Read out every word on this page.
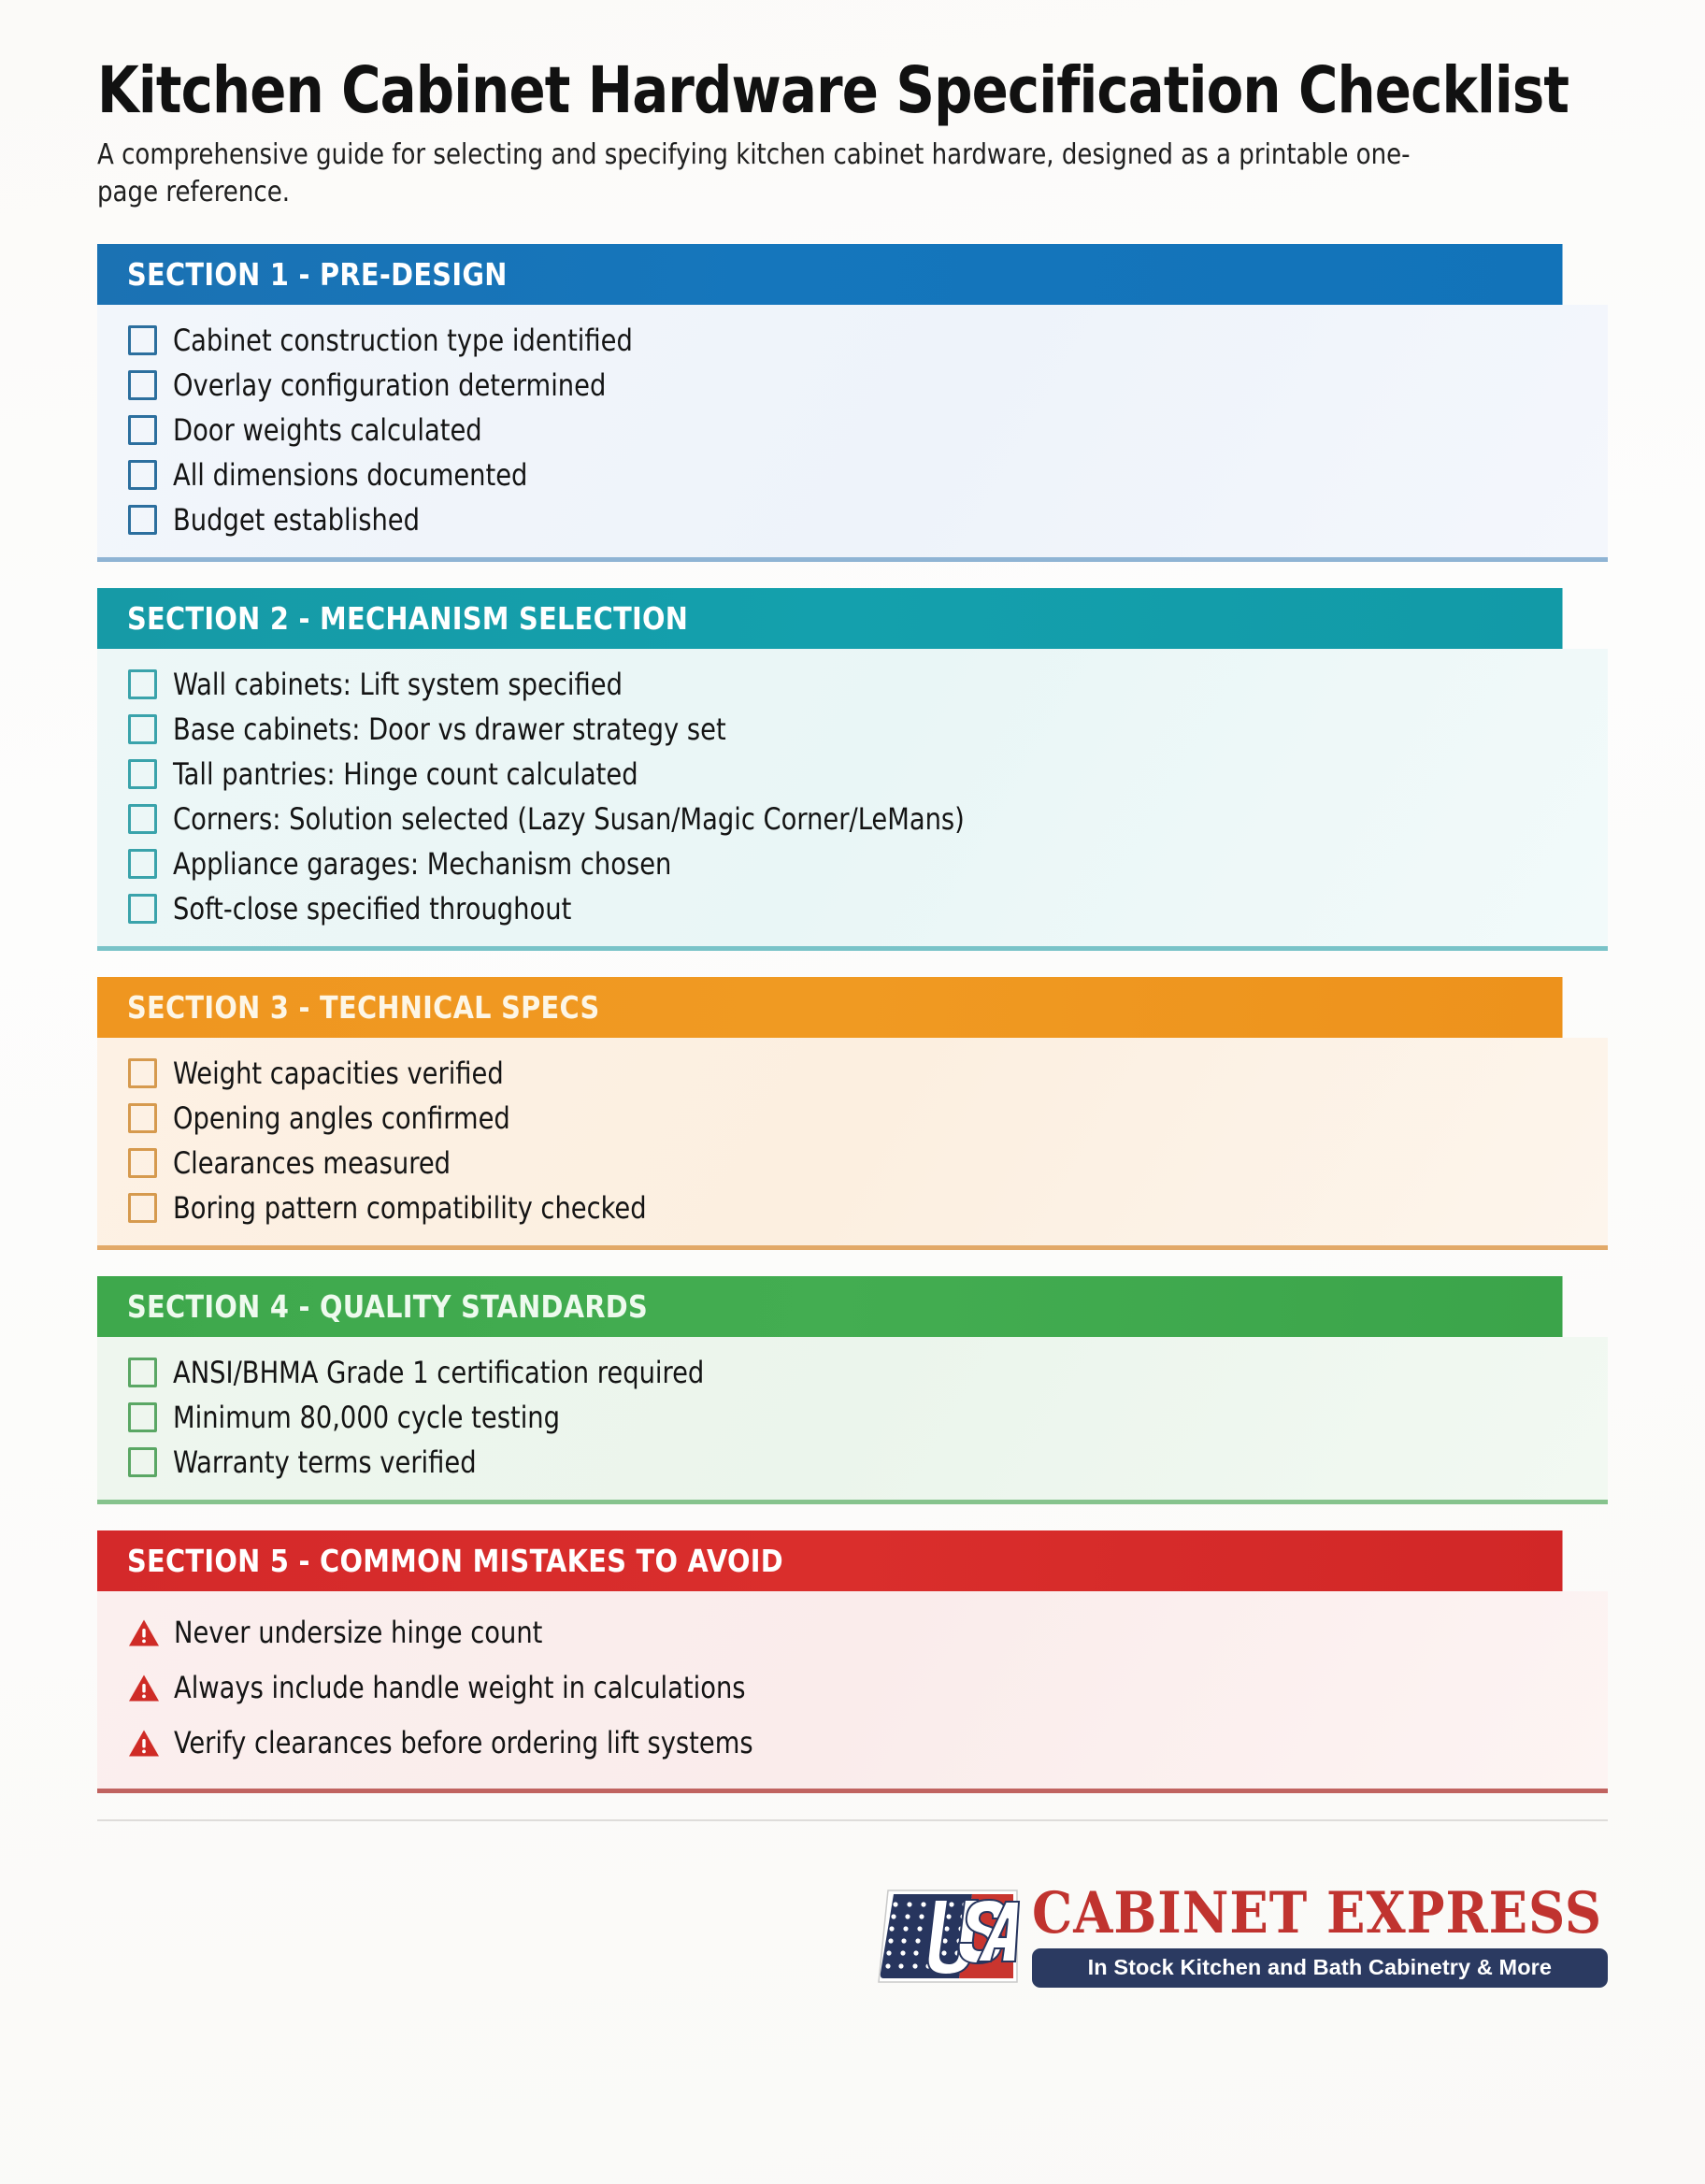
Kitchen Cabinet Hardware Specification Checklist

A comprehensive guide for selecting and specifying kitchen cabinet hardware, designed as a printable one-page reference.

SECTION 1 - PRE-DESIGN
Cabinet construction type identified
Overlay configuration determined
Door weights calculated
All dimensions documented
Budget established
SECTION 2 - MECHANISM SELECTION
Wall cabinets: Lift system specified
Base cabinets: Door vs drawer strategy set
Tall pantries: Hinge count calculated
Corners: Solution selected (Lazy Susan/Magic Corner/LeMans)
Appliance garages: Mechanism chosen
Soft-close specified throughout
SECTION 3 - TECHNICAL SPECS
Weight capacities verified
Opening angles confirmed
Clearances measured
Boring pattern compatibility checked
SECTION 4 - QUALITY STANDARDS
ANSI/BHMA Grade 1 certification required
Minimum 80,000 cycle testing
Warranty terms verified
SECTION 5 - COMMON MISTAKES TO AVOID
Never undersize hinge count
Always include handle weight in calculations
Verify clearances before ordering lift systems
CABINET EXPRESS
In Stock Kitchen and Bath Cabinetry & More
